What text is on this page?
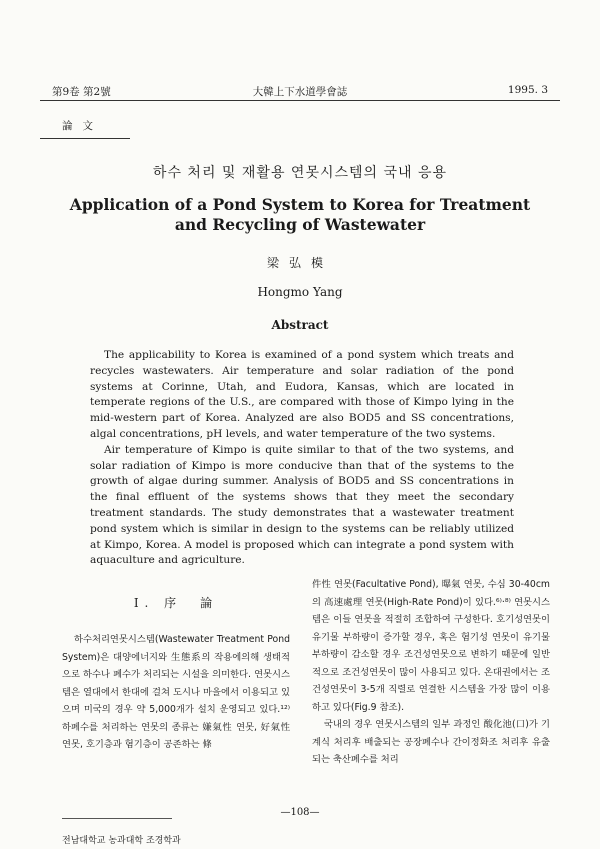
第9卷 第2號	大韓上下水道學會誌	1995. 3
論文
하수 처리 및 재활용 연못시스템의 국내 응용
Application of a Pond System to Korea for Treatment and Recycling of Wastewater
梁弘模
Hongmo Yang
Abstract

The applicability to Korea is examined of a pond system which treats and recycles wastewaters. Air temperature and solar radiation of the pond systems at Corinne, Utah, and Eudora, Kansas, which are located in temperate regions of the U.S., are compared with those of Kimpo lying in the mid-western part of Korea. Analyzed are also BOD5 and SS concentrations, algal concentrations, pH levels, and water temperature of the two systems.

Air temperature of Kimpo is quite similar to that of the two systems, and solar radiation of Kimpo is more conducive than that of the systems to the growth of algae during summer. Analysis of BOD5 and SS concentrations in the final effluent of the systems shows that they meet the secondary treatment standards. The study demonstrates that a wastewater treatment pond system which is similar in design to the systems can be reliably utilized at Kimpo, Korea. A model is proposed which can integrate a pond system with aquaculture and agriculture.

I. 序　論

하수처리연못시스템(Wastewater Treatment Pond System)은 대양에너지와 生態系의 작용에의해 생태적으로 하수나 폐수가 처리되는 시설을 의미한다. 연못시스템은 열대에서 한대에 걸쳐 도시나 마을에서 이용되고 있으며 미국의 경우 약 5,000개가 설치 운영되고 있다.¹²⁾ 하폐수를 처리하는 연못의 종류는 嫌氣性 연못, 好氣性 연못, 호기층과 혐기층이 공존하는 條

件性 연못(Facultative Pond), 曝氣 연못, 수심 30-40cm의 高速處理 연못(High-Rate Pond)이 있다.⁶⁾·⁸⁾ 연못시스템은 이들 연못을 적절히 조합하여 구성한다. 호기성연못이 유기물 부하량이 증가할 경우, 혹은 혐기성 연못이 유기물 부하량이 감소할 경우 조건성연못으로 변하기 때문에 일반적으로 조건성연못이 많이 사용되고 있다. 온대권에서는 조건성연못이 3-5개 직렬로 연결한 시스템을 가장 많이 이용하고 있다(Fig.9 참조).

국내의 경우 연못시스템의 일부 과정인 酸化池(口)가 기계식 처리후 배출되는 공장폐수나 간이정화조 처리후 유출되는 축산폐수를 처리

—108—
전남대학교 농과대학 조경학과
